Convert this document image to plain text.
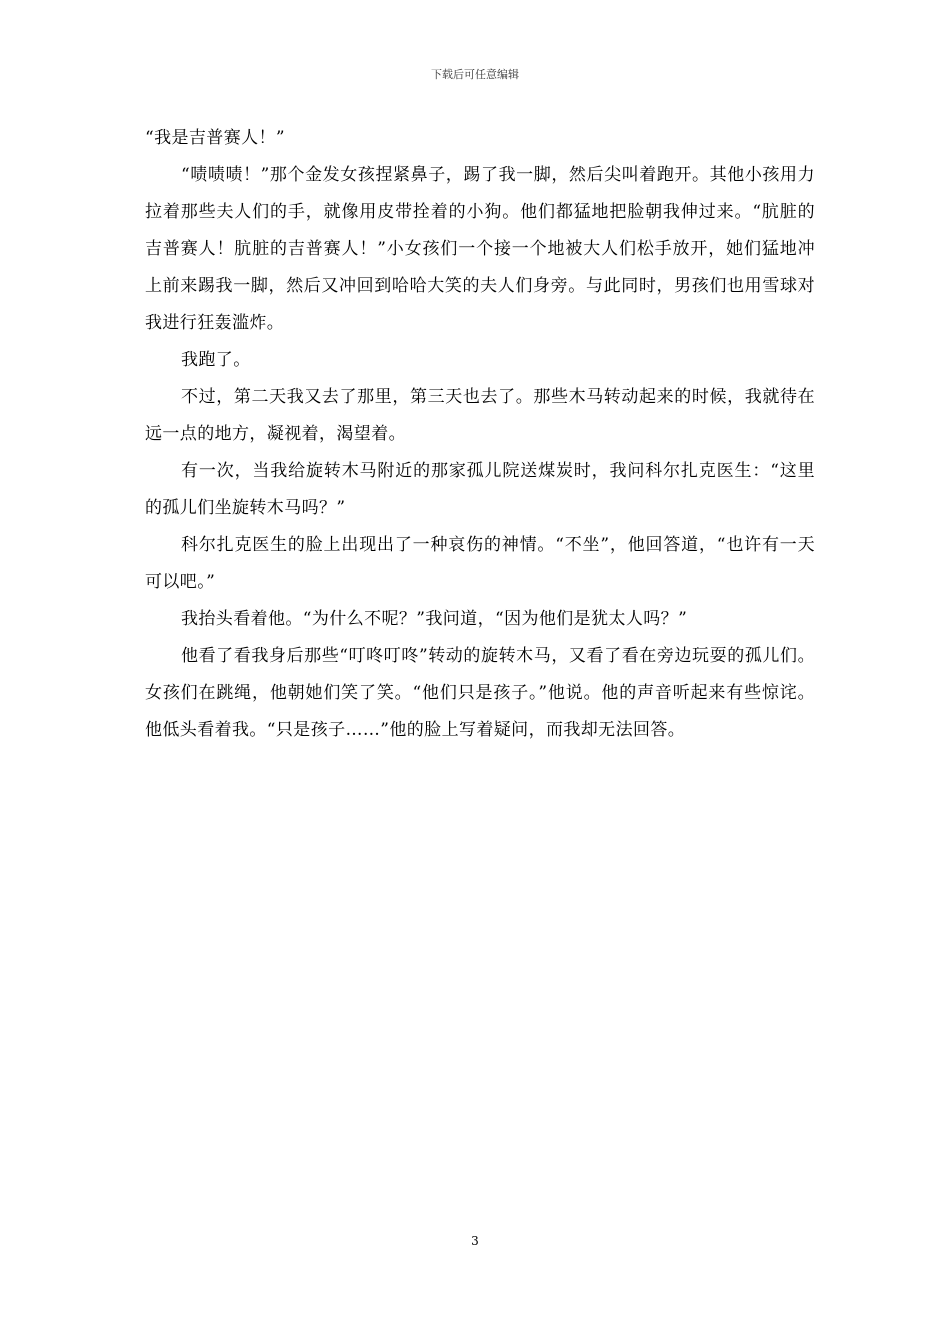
下载后可任意编辑

“我是吉普赛人！”

“啧啧啧！”那个金发女孩捏紧鼻子，踢了我一脚，然后尖叫着跑开。其他小孩用力拉着那些夫人们的手，就像用皮带拴着的小狗。他们都猛地把脸朝我伸过来。“肮脏的吉普赛人！肮脏的吉普赛人！”小女孩们一个接一个地被大人们松手放开，她们猛地冲上前来踢我一脚，然后又冲回到哈哈大笑的夫人们身旁。与此同时，男孩们也用雪球对我进行狂轰滥炸。

我跑了。

不过，第二天我又去了那里，第三天也去了。那些木马转动起来的时候，我就待在远一点的地方，凝视着，渴望着。

有一次，当我给旋转木马附近的那家孤儿院送煤炭时，我问科尔扎克医生：“这里的孤儿们坐旋转木马吗？”

科尔扎克医生的脸上出现出了一种哀伤的神情。“不坐”，他回答道，“也许有一天可以吧。”

我抬头看着他。“为什么不呢？”我问道，“因为他们是犹太人吗？”

他看了看我身后那些“叮咚叮咚”转动的旋转木马，又看了看在旁边玩耍的孤儿们。女孩们在跳绳，他朝她们笑了笑。“他们只是孩子。”他说。他的声音听起来有些惊诧。他低头看着我。“只是孩子……”他的脸上写着疑问，而我却无法回答。

3
